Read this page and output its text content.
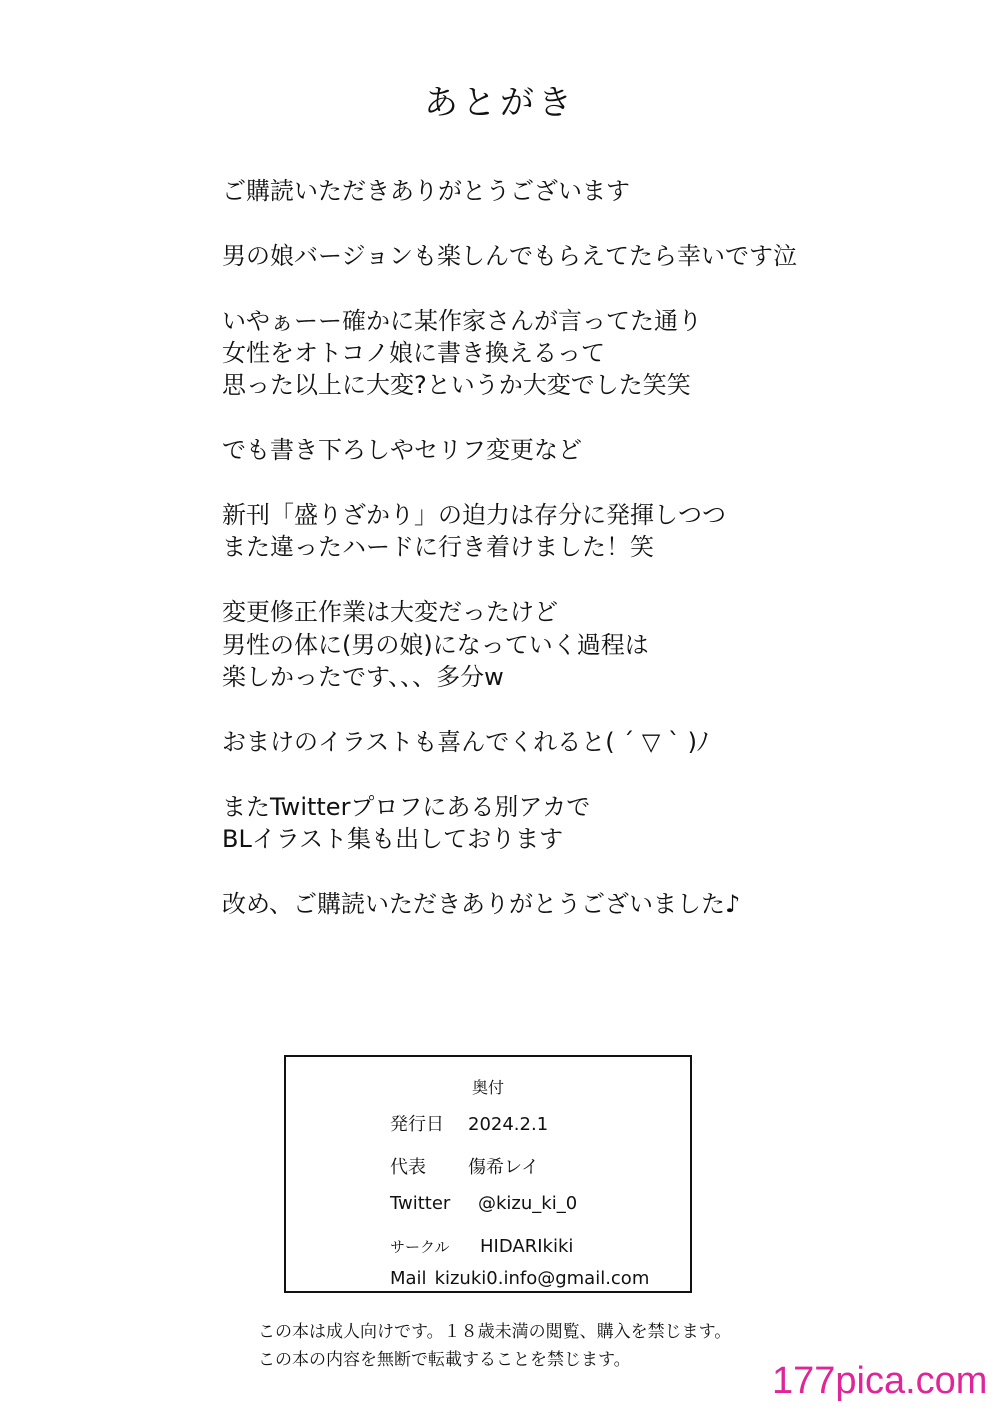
あとがき

ご購読いただきありがとうございます

男の娘バージョンも楽しんでもらえてたら幸いです泣

いやぁーー確かに某作家さんが言ってた通り
女性をオトコノ娘に書き換えるって
思った以上に大変?というか大変でした笑笑

でも書き下ろしやセリフ変更など

新刊「盛りざかり」の迫力は存分に発揮しつつ
また違ったハードに行き着けました！笑

変更修正作業は大変だったけど
男性の体に(男の娘)になっていく過程は
楽しかったです、、、多分w

おまけのイラストも喜んでくれると( ´ ▽ ` )ﾉ

またTwitterプロフにある別アカで
BLイラスト集も出しております

改め、ご購読いただきありがとうございました♪

奥付
発行日 2024.2.1
代表 傷希レイ
Twitter @kizu_ki_0
サークル HIDARIkiki
Mail kizuki0.info@gmail.com
この本は成人向けです。１８歳未満の閲覧、購入を禁じます。
この本の内容を無断で転載することを禁じます。	177pica.com
